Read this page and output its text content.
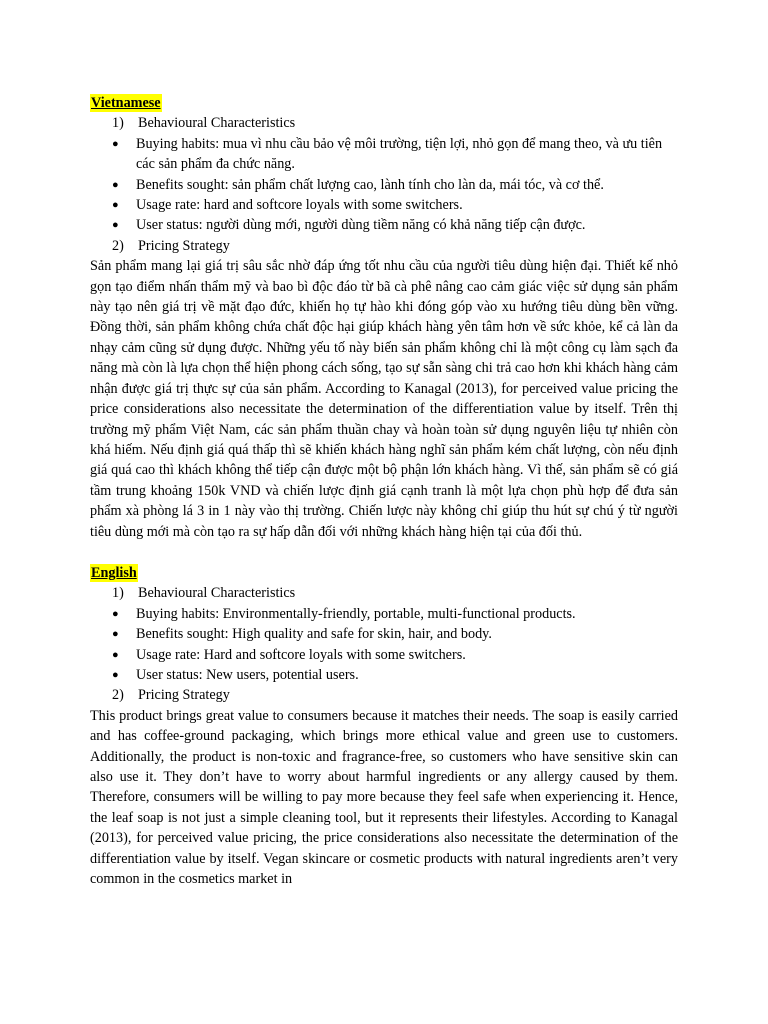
Vietnamese
1) Behavioural Characteristics
● Buying habits: mua vì nhu cầu bảo vệ môi trường, tiện lợi, nhỏ gọn để mang theo, và ưu tiên các sản phẩm đa chức năng.
● Benefits sought: sản phẩm chất lượng cao, lành tính cho làn da, mái tóc, và cơ thể.
● Usage rate: hard and softcore loyals with some switchers.
● User status: người dùng mới, người dùng tiềm năng có khả năng tiếp cận được.
2) Pricing Strategy
Sản phẩm mang lại giá trị sâu sắc nhờ đáp ứng tốt nhu cầu của người tiêu dùng hiện đại. Thiết kế nhỏ gọn tạo điểm nhấn thẩm mỹ và bao bì độc đáo từ bã cà phê nâng cao cảm giác việc sử dụng sản phẩm này tạo nên giá trị về mặt đạo đức, khiến họ tự hào khi đóng góp vào xu hướng tiêu dùng bền vững. Đồng thời, sản phẩm không chứa chất độc hại giúp khách hàng yên tâm hơn về sức khỏe, kể cả làn da nhạy cảm cũng sử dụng được. Những yếu tố này biến sản phẩm không chỉ là một công cụ làm sạch đa năng mà còn là lựa chọn thể hiện phong cách sống, tạo sự sẵn sàng chi trả cao hơn khi khách hàng cảm nhận được giá trị thực sự của sản phẩm. According to Kanagal (2013), for perceived value pricing the price considerations also necessitate the determination of the differentiation value by itself. Trên thị trường mỹ phẩm Việt Nam, các sản phẩm thuần chay và hoàn toàn sử dụng nguyên liệu tự nhiên còn khá hiếm. Nếu định giá quá thấp thì sẽ khiến khách hàng nghĩ sản phẩm kém chất lượng, còn nếu định giá quá cao thì khách không thể tiếp cận được một bộ phận lớn khách hàng. Vì thế, sản phẩm sẽ có giá tầm trung khoảng 150k VND và chiến lược định giá cạnh tranh là một lựa chọn phù hợp để đưa sản phẩm xà phòng lá 3 in 1 này vào thị trường. Chiến lược này không chỉ giúp thu hút sự chú ý từ người tiêu dùng mới mà còn tạo ra sự hấp dẫn đối với những khách hàng hiện tại của đối thủ.
English
1) Behavioural Characteristics
● Buying habits: Environmentally-friendly, portable, multi-functional products.
● Benefits sought: High quality and safe for skin, hair, and body.
● Usage rate: Hard and softcore loyals with some switchers.
● User status: New users, potential users.
2) Pricing Strategy
This product brings great value to consumers because it matches their needs. The soap is easily carried and has coffee-ground packaging, which brings more ethical value and green use to customers. Additionally, the product is non-toxic and fragrance-free, so customers who have sensitive skin can also use it. They don’t have to worry about harmful ingredients or any allergy caused by them. Therefore, consumers will be willing to pay more because they feel safe when experiencing it. Hence, the leaf soap is not just a simple cleaning tool, but it represents their lifestyles. According to Kanagal (2013), for perceived value pricing, the price considerations also necessitate the determination of the differentiation value by itself. Vegan skincare or cosmetic products with natural ingredients aren’t very common in the cosmetics market in
